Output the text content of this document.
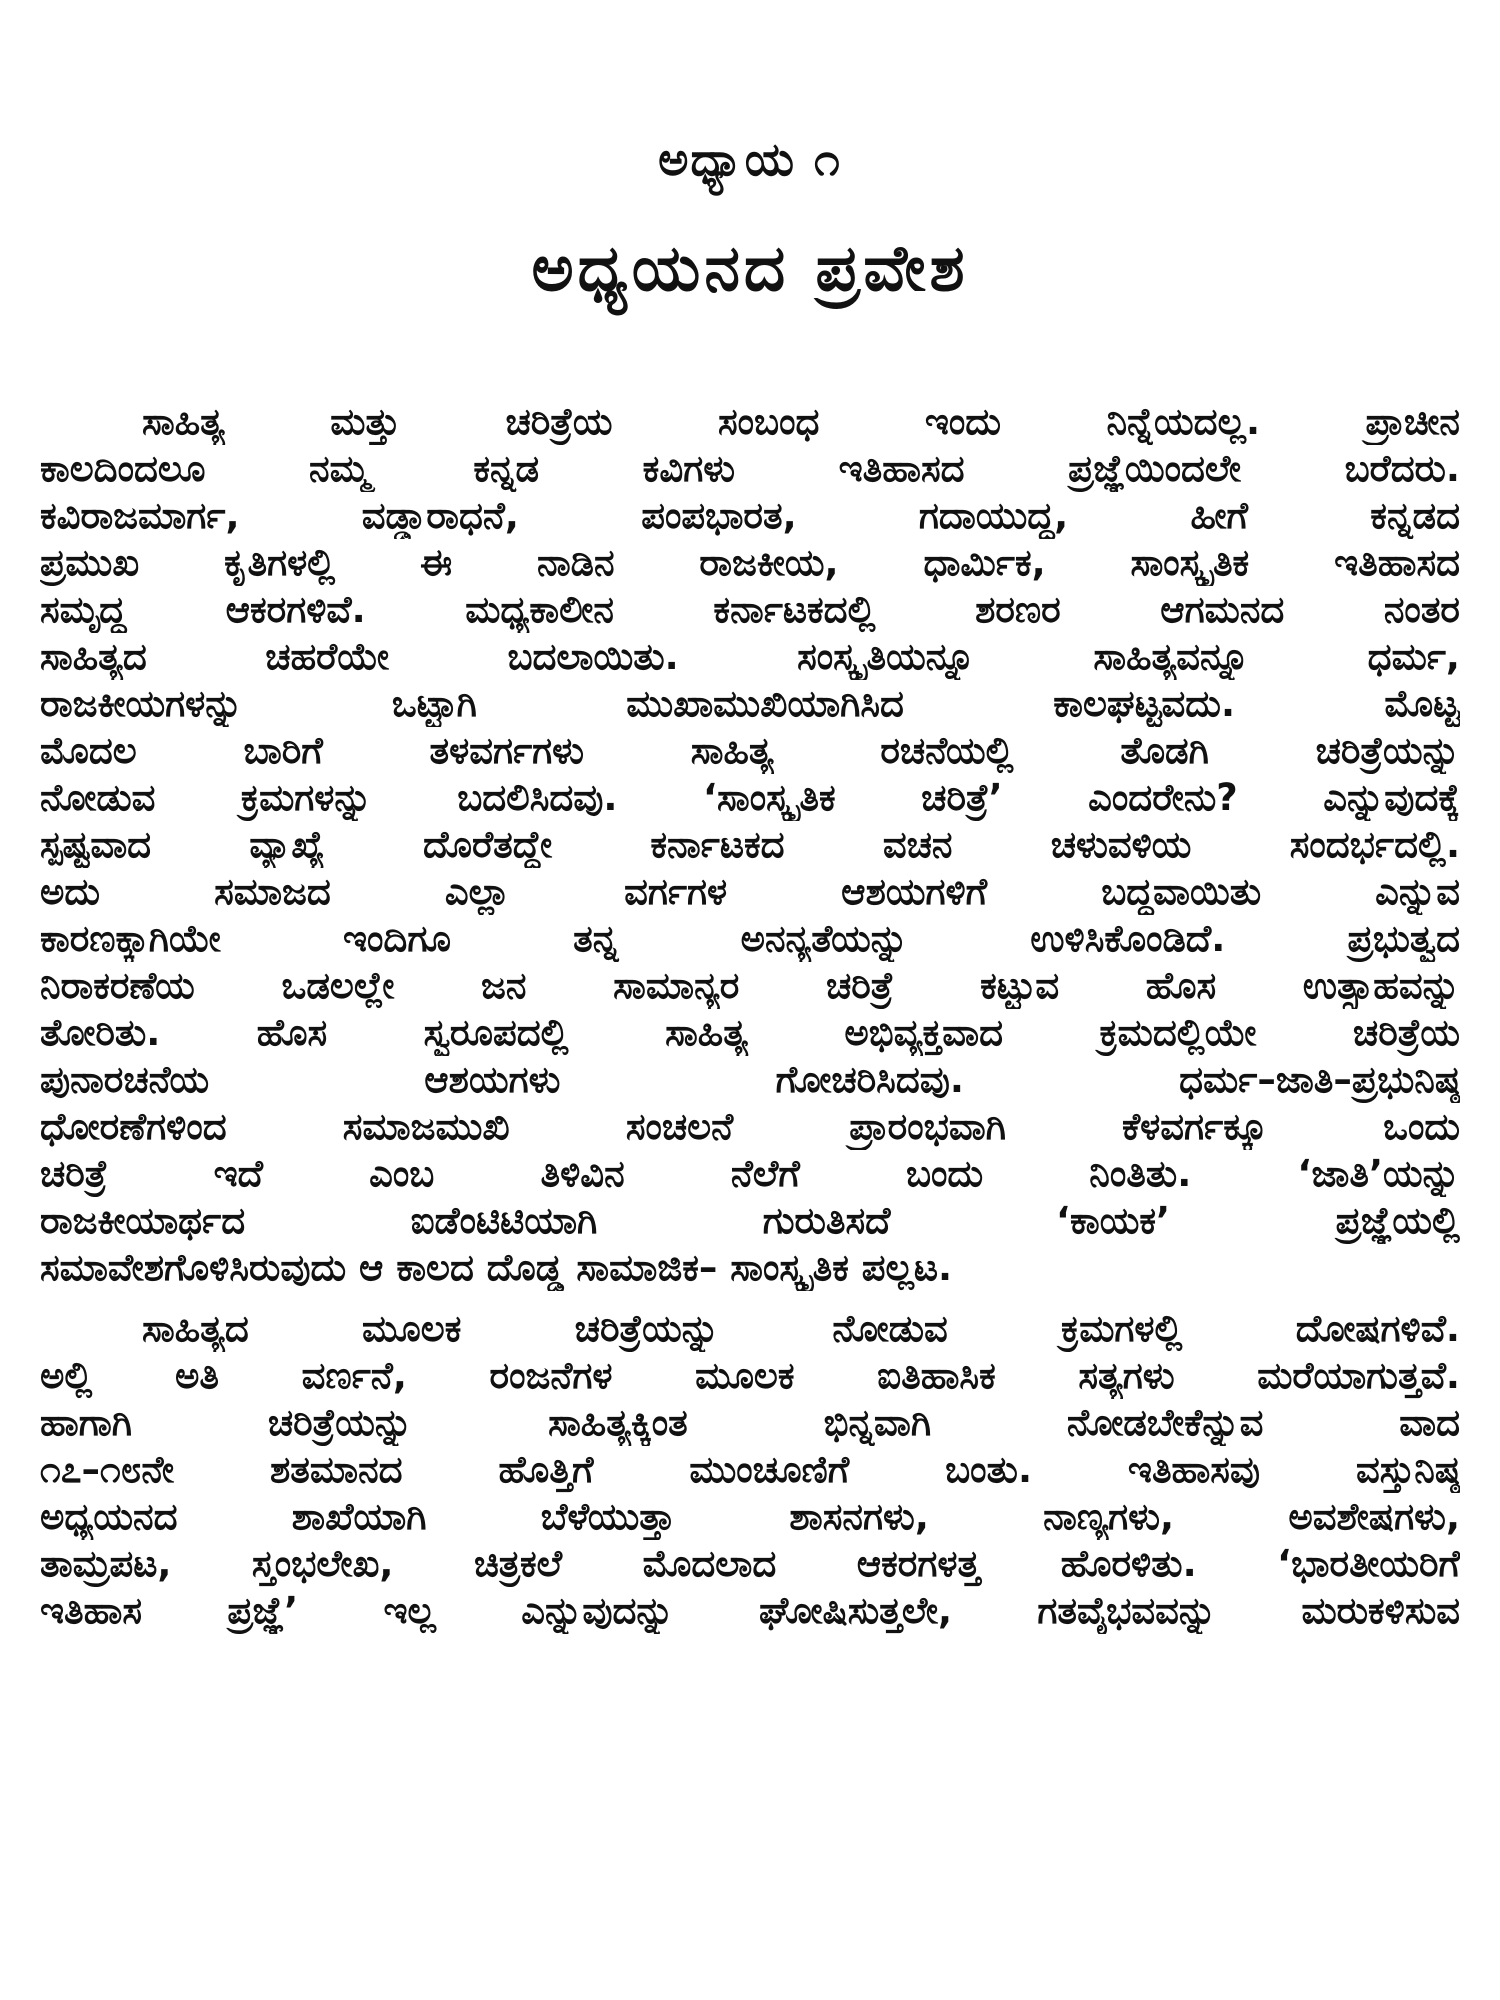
ಅಧ್ಯಾಯ ೧
ಅಧ್ಯಯನದ ಪ್ರವೇಶ
ಸಾಹಿತ್ಯ ಮತ್ತು ಚರಿತ್ರೆಯ ಸಂಬಂಧ ಇಂದು ನಿನ್ನೆಯದಲ್ಲ. ಪ್ರಾಚೀನ
ಕಾಲದಿಂದಲೂ ನಮ್ಮ ಕನ್ನಡ ಕವಿಗಳು ಇತಿಹಾಸದ ಪ್ರಜ್ಞೆಯಿಂದಲೇ ಬರೆದರು.
ಕವಿರಾಜಮಾರ್ಗ, ವಡ್ಡಾರಾಧನೆ, ಪಂಪಭಾರತ, ಗದಾಯುದ್ಧ, ಹೀಗೆ ಕನ್ನಡದ
ಪ್ರಮುಖ ಕೃತಿಗಳಲ್ಲಿ ಈ ನಾಡಿನ ರಾಜಕೀಯ, ಧಾರ್ಮಿಕ, ಸಾಂಸ್ಕೃತಿಕ ಇತಿಹಾಸದ
ಸಮೃದ್ಧ ಆಕರಗಳಿವೆ. ಮಧ್ಯಕಾಲೀನ ಕರ್ನಾಟಕದಲ್ಲಿ ಶರಣರ ಆಗಮನದ ನಂತರ
ಸಾಹಿತ್ಯದ ಚಹರೆಯೇ ಬದಲಾಯಿತು. ಸಂಸ್ಕೃತಿಯನ್ನೂ ಸಾಹಿತ್ಯವನ್ನೂ ಧರ್ಮ,
ರಾಜಕೀಯಗಳನ್ನು ಒಟ್ಟಾಗಿ ಮುಖಾಮುಖಿಯಾಗಿಸಿದ ಕಾಲಘಟ್ಟವದು. ಮೊಟ್ಟ
ಮೊದಲ ಬಾರಿಗೆ ತಳವರ್ಗಗಳು ಸಾಹಿತ್ಯ ರಚನೆಯಲ್ಲಿ ತೊಡಗಿ ಚರಿತ್ರೆಯನ್ನು
ನೋಡುವ ಕ್ರಮಗಳನ್ನು ಬದಲಿಸಿದವು. ‘ಸಾಂಸ್ಕೃತಿಕ ಚರಿತ್ರೆ’ ಎಂದರೇನು? ಎನ್ನುವುದಕ್ಕೆ
ಸ್ಪಷ್ಟವಾದ ವ್ಯಾಖ್ಯೆ ದೊರೆತದ್ದೇ ಕರ್ನಾಟಕದ ವಚನ ಚಳುವಳಿಯ ಸಂದರ್ಭದಲ್ಲಿ.
ಅದು ಸಮಾಜದ ಎಲ್ಲಾ ವರ್ಗಗಳ ಆಶಯಗಳಿಗೆ ಬದ್ಧವಾಯಿತು ಎನ್ನುವ
ಕಾರಣಕ್ಕಾಗಿಯೇ ಇಂದಿಗೂ ತನ್ನ ಅನನ್ಯತೆಯನ್ನು ಉಳಿಸಿಕೊಂಡಿದೆ. ಪ್ರಭುತ್ವದ
ನಿರಾಕರಣೆಯ ಒಡಲಲ್ಲೇ ಜನ ಸಾಮಾನ್ಯರ ಚರಿತ್ರೆ ಕಟ್ಟುವ ಹೊಸ ಉತ್ಸಾಹವನ್ನು
ತೋರಿತು. ಹೊಸ ಸ್ವರೂಪದಲ್ಲಿ ಸಾಹಿತ್ಯ ಅಭಿವ್ಯಕ್ತವಾದ ಕ್ರಮದಲ್ಲಿಯೇ ಚರಿತ್ರೆಯ
ಪುನಾರಚನೆಯ ಆಶಯಗಳು ಗೋಚರಿಸಿದವು. ಧರ್ಮ–ಜಾತಿ–ಪ್ರಭುನಿಷ್ಠ
ಧೋರಣೆಗಳಿಂದ ಸಮಾಜಮುಖಿ ಸಂಚಲನೆ ಪ್ರಾರಂಭವಾಗಿ ಕೆಳವರ್ಗಕ್ಕೂ ಒಂದು
ಚರಿತ್ರೆ ಇದೆ ಎಂಬ ತಿಳಿವಿನ ನೆಲೆಗೆ ಬಂದು ನಿಂತಿತು. ‘ಜಾತಿ’ಯನ್ನು
ರಾಜಕೀಯಾರ್ಥದ ಐಡೆಂಟಿಟಿಯಾಗಿ ಗುರುತಿಸದೆ ‘ಕಾಯಕ’ ಪ್ರಜ್ಞೆಯಲ್ಲಿ
ಸಮಾವೇಶಗೊಳಿಸಿರುವುದು ಆ ಕಾಲದ ದೊಡ್ಡ ಸಾಮಾಜಿಕ– ಸಾಂಸ್ಕೃತಿಕ ಪಲ್ಲಟ.
ಸಾಹಿತ್ಯದ ಮೂಲಕ ಚರಿತ್ರೆಯನ್ನು ನೋಡುವ ಕ್ರಮಗಳಲ್ಲಿ ದೋಷಗಳಿವೆ.
ಅಲ್ಲಿ ಅತಿ ವರ್ಣನೆ, ರಂಜನೆಗಳ ಮೂಲಕ ಐತಿಹಾಸಿಕ ಸತ್ಯಗಳು ಮರೆಯಾಗುತ್ತವೆ.
ಹಾಗಾಗಿ ಚರಿತ್ರೆಯನ್ನು ಸಾಹಿತ್ಯಕ್ಕಿಂತ ಭಿನ್ನವಾಗಿ ನೋಡಬೇಕೆನ್ನುವ ವಾದ
೧೭–೧೮ನೇ ಶತಮಾನದ ಹೊತ್ತಿಗೆ ಮುಂಚೂಣಿಗೆ ಬಂತು. ಇತಿಹಾಸವು ವಸ್ತುನಿಷ್ಠ
ಅಧ್ಯಯನದ ಶಾಖೆಯಾಗಿ ಬೆಳೆಯುತ್ತಾ ಶಾಸನಗಳು, ನಾಣ್ಯಗಳು, ಅವಶೇಷಗಳು,
ತಾಮ್ರಪಟ, ಸ್ತಂಭಲೇಖ, ಚಿತ್ರಕಲೆ ಮೊದಲಾದ ಆಕರಗಳತ್ತ ಹೊರಳಿತು. ‘ಭಾರತೀಯರಿಗೆ
ಇತಿಹಾಸ ಪ್ರಜ್ಞೆ’ ಇಲ್ಲ ಎನ್ನುವುದನ್ನು ಘೋಷಿಸುತ್ತಲೇ, ಗತವೈಭವವನ್ನು ಮರುಕಳಿಸುವ
